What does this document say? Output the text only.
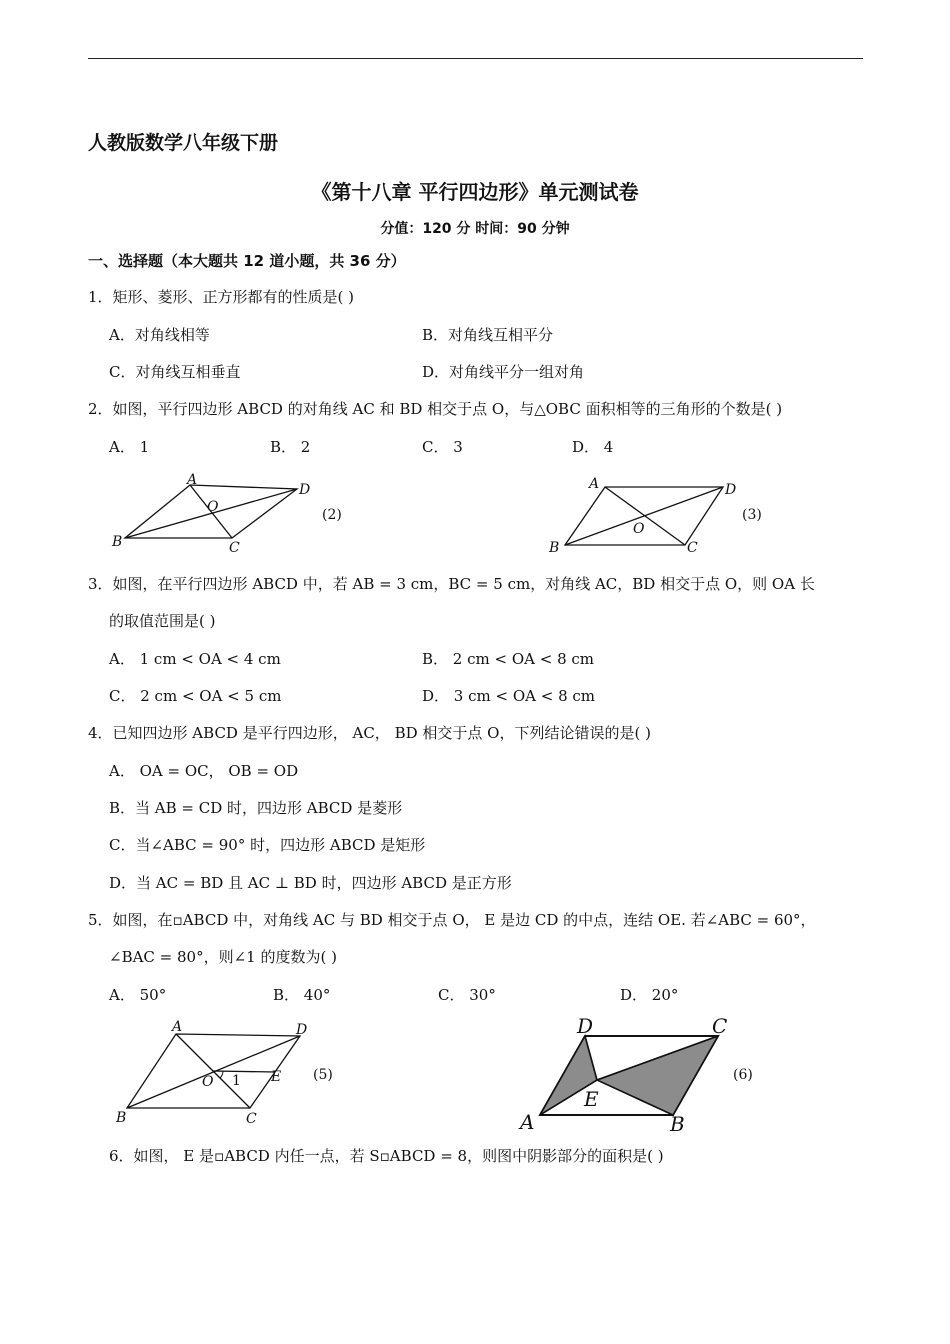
人教版数学八年级下册
《第十八章 平行四边形》单元测试卷
分值：120 分 时间：90 分钟
一、选择题（本大题共 12 道小题，共 36 分）
1．矩形、菱形、正方形都有的性质是( )
A．对角线相等	B．对角线互相平分
C．对角线互相垂直	D．对角线平分一组对角
2．如图，平行四边形 ABCD 的对角线 AC 和 BD 相交于点 O，与△OBC 面积相等的三角形的个数是( )
A． 1	B． 2	C． 3	D． 4
A
D
B	C
O	(2)
A	D
B	C
O
(3)
3．如图，在平行四边形 ABCD 中，若 AB = 3 cm，BC = 5 cm，对角线 AC，BD 相交于点 O，则 OA 长
的取值范围是( )
A． 1 cm < OA < 4 cm	B． 2 cm < OA < 8 cm
C． 2 cm < OA < 5 cm	D． 3 cm < OA < 8 cm
4．已知四边形 ABCD 是平行四边形， AC， BD 相交于点 O，下列结论错误的是( )
A． OA = OC， OB = OD
B．当 AB = CD 时，四边形 ABCD 是菱形
C．当∠ABC = 90° 时，四边形 ABCD 是矩形
D．当 AC = BD 且 AC ⊥ BD 时，四边形 ABCD 是正方形
5．如图，在▫ABCD 中，对角线 AC 与 BD 相交于点 O， E 是边 CD 的中点，连结 OE. 若∠ABC = 60°，
∠BAC = 80°，则∠1 的度数为( )
A． 50°	B． 40°	C． 30°	D． 20°
A	D
B	C
O	E
1	(5)
D	C
A	B
E
(6)
6．如图， E 是▫ABCD 内任一点，若 S▫ABCD = 8，则图中阴影部分的面积是( )
